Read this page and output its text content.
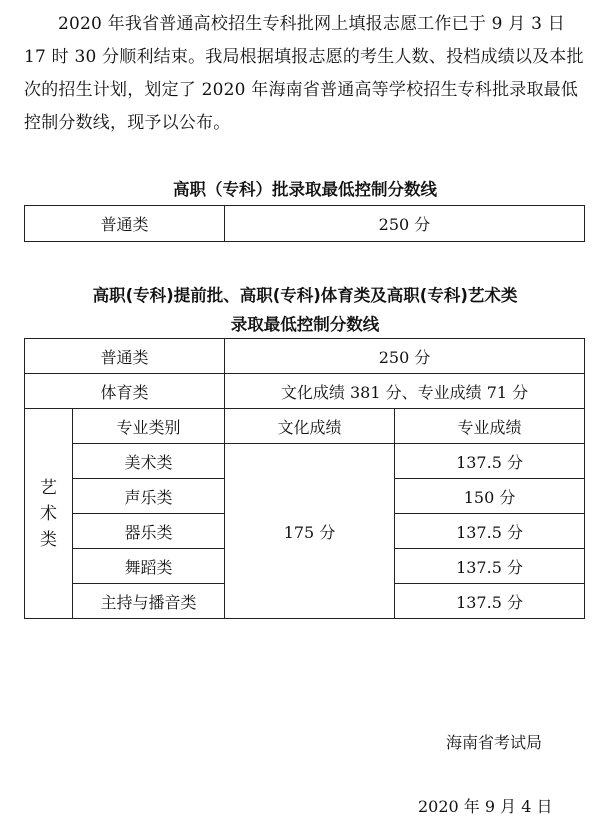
2020 年我省普通高校招生专科批网上填报志愿工作已于 9 月 3 日 17 时 30 分顺利结束。我局根据填报志愿的考生人数、投档成绩以及本批次的招生计划，划定了 2020 年海南省普通高等学校招生专科批录取最低控制分数线，现予以公布。

高职（专科）批录取最低控制分数线
普通类	250 分
高职(专科)提前批、高职(专科)体育类及高职(专科)艺术类
录取最低控制分数线
普通类		250 分	
体育类		文化成绩 381 分、专业成绩 71 分	

艺
术
类	专业类别	文化成绩	专业成绩
	美术类	175 分	137.5 分
	声乐类		150 分
	器乐类		137.5 分
	舞蹈类		137.5 分
	主持与播音类		137.5 分

海南省考试局

2020 年 9 月 4 日
